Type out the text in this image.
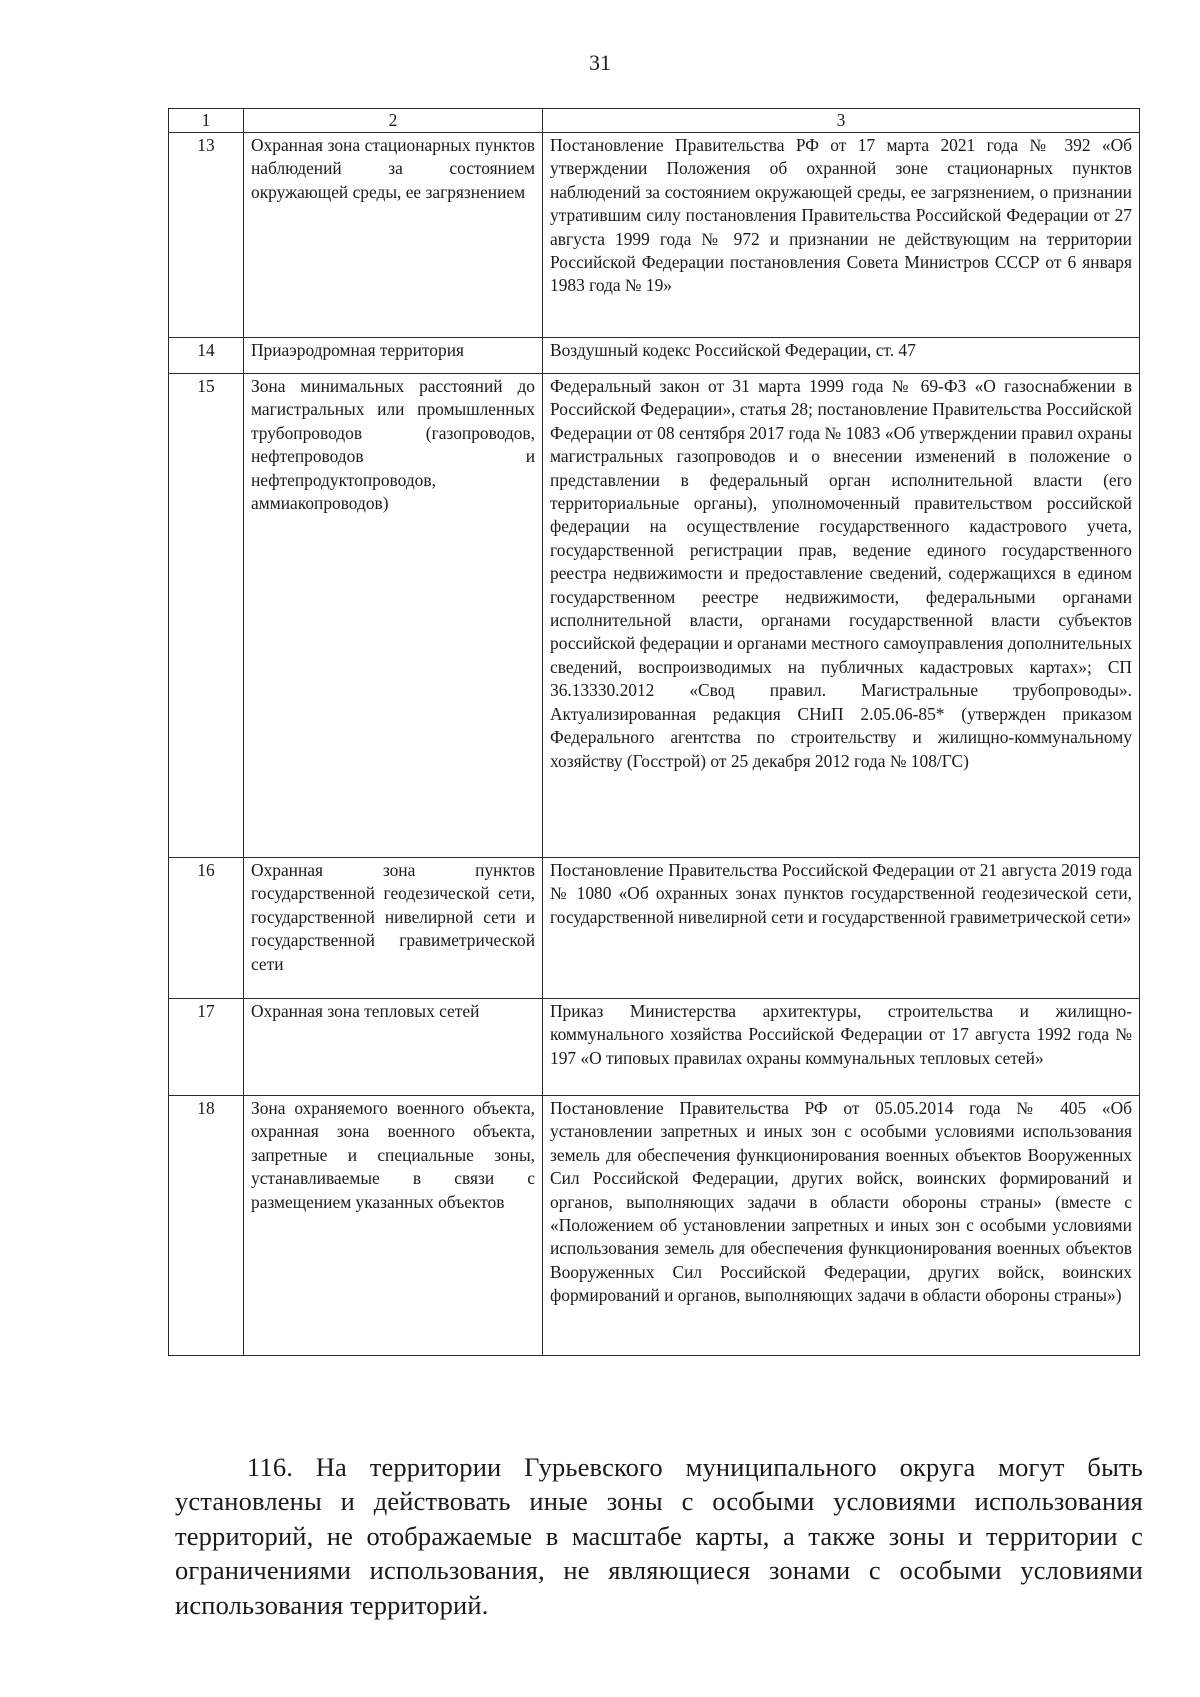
31
1	2	3
13	Охранная зона стационарных пунктов наблюдений за состоянием окружающей среды, ее загрязнением	Постановление Правительства РФ от 17 марта 2021 года № 392 «Об утверждении Положения об охранной зоне стационарных пунктов наблюдений за состоянием окружающей среды, ее загрязнением, о признании утратившим силу постановления Правительства Российской Федерации от 27 августа 1999 года № 972 и признании не действующим на территории Российской Федерации постановления Совета Министров СССР от 6 января 1983 года № 19»
14	Приаэродромная территория	Воздушный кодекс Российской Федерации, ст. 47
15	Зона минимальных расстояний до магистральных или промышленных трубопроводов (газопроводов, нефтепроводов и нефтепродуктопроводов, аммиакопроводов)	Федеральный закон от 31 марта 1999 года № 69-ФЗ «О газоснабжении в Российской Федерации», статья 28; постановление Правительства Российской Федерации от 08 сентября 2017 года № 1083 «Об утверждении правил охраны магистральных газопроводов и о внесении изменений в положение о представлении в федеральный орган исполнительной власти (его территориальные органы), уполномоченный правительством российской федерации на осуществление государственного кадастрового учета, государственной регистрации прав, ведение единого государственного реестра недвижимости и предоставление сведений, содержащихся в едином государственном реестре недвижимости, федеральными органами исполнительной власти, органами государственной власти субъектов российской федерации и органами местного самоуправления дополнительных сведений, воспроизводимых на публичных кадастровых картах»; СП 36.13330.2012 «Свод правил. Магистральные трубопроводы». Актуализированная редакция СНиП 2.05.06-85* (утвержден приказом Федерального агентства по строительству и жилищно-коммунальному хозяйству (Госстрой) от 25 декабря 2012 года № 108/ГС)
16	Охранная зона пунктов государственной геодезической сети, государственной нивелирной сети и государственной гравиметрической сети	Постановление Правительства Российской Федерации от 21 августа 2019 года № 1080 «Об охранных зонах пунктов государственной геодезической сети, государственной нивелирной сети и государственной гравиметрической сети»
17	Охранная зона тепловых сетей	Приказ Министерства архитектуры, строительства и жилищно-коммунального хозяйства Российской Федерации от 17 августа 1992 года № 197 «О типовых правилах охраны коммунальных тепловых сетей»
18	Зона охраняемого военного объекта, охранная зона военного объекта, запретные и специальные зоны, устанавливаемые в связи с размещением указанных объектов	Постановление Правительства РФ от 05.05.2014 года № 405 «Об установлении запретных и иных зон с особыми условиями использования земель для обеспечения функционирования военных объектов Вооруженных Сил Российской Федерации, других войск, воинских формирований и органов, выполняющих задачи в области обороны страны» (вместе с «Положением об установлении запретных и иных зон с особыми условиями использования земель для обеспечения функционирования военных объектов Вооруженных Сил Российской Федерации, других войск, воинских формирований и органов, выполняющих задачи в области обороны страны»)

116. На территории Гурьевского муниципального округа могут быть установлены и действовать иные зоны с особыми условиями использования территорий, не отображаемые в масштабе карты, а также зоны и территории с ограничениями использования, не являющиеся зонами с особыми условиями использования территорий.
